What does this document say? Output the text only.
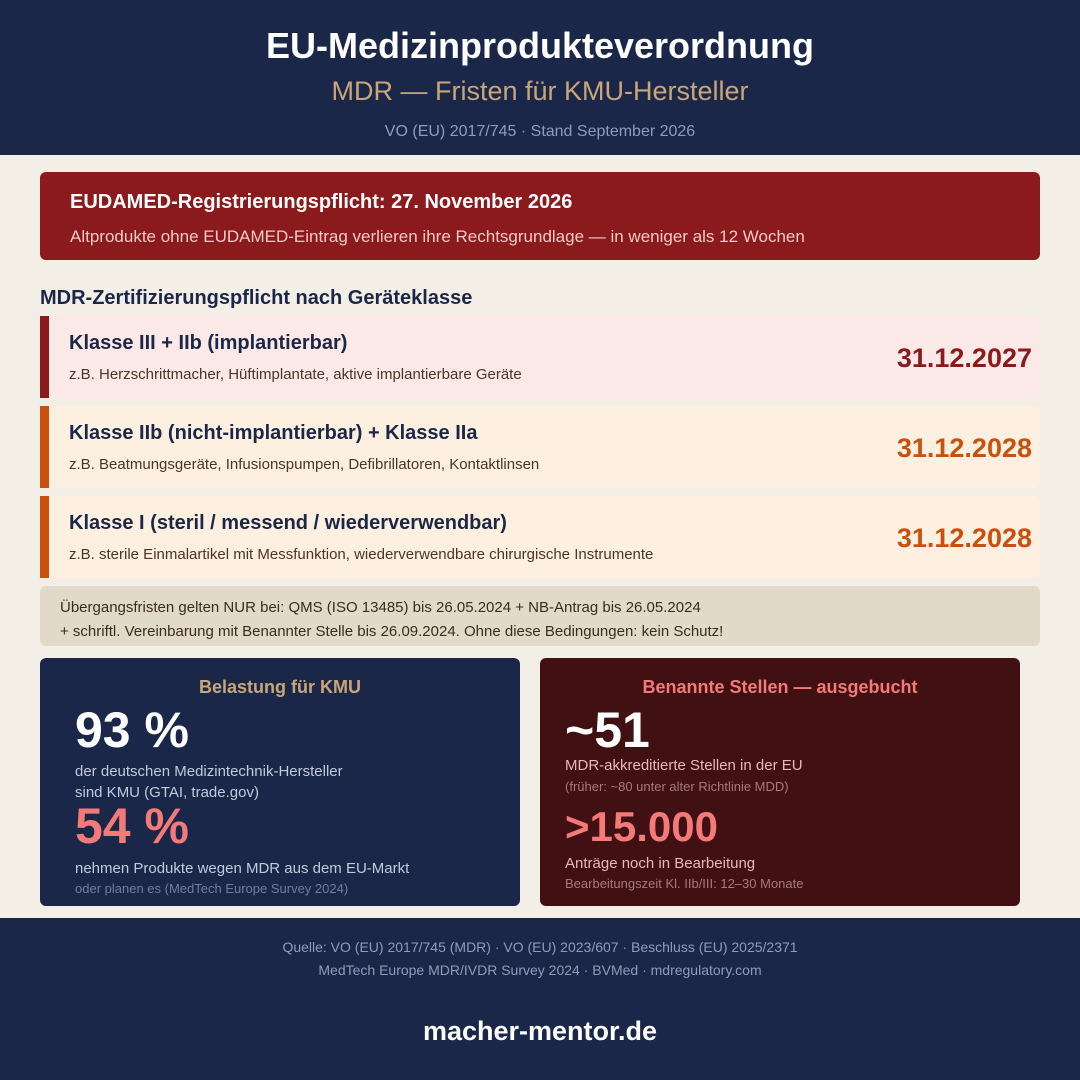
EU-Medizinprodukteverordnung
MDR — Fristen für KMU-Hersteller
VO (EU) 2017/745 · Stand September 2026
EUDAMED-Registrierungspflicht: 27. November 2026
Altprodukte ohne EUDAMED-Eintrag verlieren ihre Rechtsgrundlage — in weniger als 12 Wochen
MDR-Zertifizierungspflicht nach Geräteklasse
Klasse III + IIb (implantierbar)
z.B. Herzschrittmacher, Hüftimplantate, aktive implantierbare Geräte
31.12.2027
Klasse IIb (nicht-implantierbar) + Klasse IIa
z.B. Beatmungsgeräte, Infusionspumpen, Defibrillatoren, Kontaktlinsen
31.12.2028
Klasse I (steril / messend / wiederverwendbar)
z.B. sterile Einmalartikel mit Messfunktion, wiederverwendbare chirurgische Instrumente
31.12.2028
Übergangsfristen gelten NUR bei: QMS (ISO 13485) bis 26.05.2024 + NB-Antrag bis 26.05.2024
+ schriftl. Vereinbarung mit Benannter Stelle bis 26.09.2024. Ohne diese Bedingungen: kein Schutz!
Belastung für KMU
93 %
der deutschen Medizintechnik-Hersteller
sind KMU (GTAI, trade.gov)
54 %
nehmen Produkte wegen MDR aus dem EU-Markt
oder planen es (MedTech Europe Survey 2024)
Benannte Stellen — ausgebucht
~51
MDR-akkreditierte Stellen in der EU
(früher: ~80 unter alter Richtlinie MDD)
>15.000
Anträge noch in Bearbeitung
Bearbeitungszeit Kl. IIb/III: 12–30 Monate
Quelle: VO (EU) 2017/745 (MDR) · VO (EU) 2023/607 · Beschluss (EU) 2025/2371
MedTech Europe MDR/IVDR Survey 2024 · BVMed · mdregulatory.com
macher-mentor.de
